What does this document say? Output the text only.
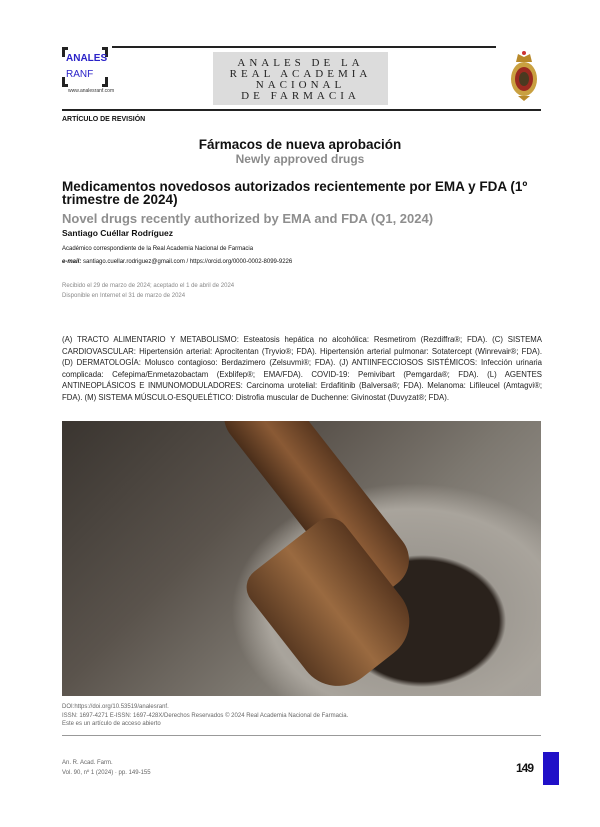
ANALES
RANF
www.analesranf.com
ANALES DE LA
REAL ACADEMIA
NACIONAL
DE FARMACIA
ARTÍCULO DE REVISIÓN
Fármacos de nueva aprobación
Newly approved drugs
Medicamentos novedosos autorizados recientemente por EMA y FDA (1º trimestre de 2024)
Novel drugs recently authorized by EMA and FDA (Q1, 2024)
Santiago Cuéllar Rodríguez
Académico correspondiente de la Real Academia Nacional de Farmacia
e-mail: santiago.cuellar.rodriguez@gmail.com / https://orcid.org/0000-0002-8099-9226
Recibido el 29 de marzo de 2024; aceptado el 1 de abril de 2024
Disponible en Internet el 31 de marzo de 2024
(A) TRACTO ALIMENTARIO Y METABOLISMO: Esteatosis hepática no alcohólica: Resmetirom (Rezdiffra®; FDA). (C) SISTEMA CARDIOVASCULAR: Hipertensión arterial: Aprocitentan (Tryvio®; FDA). Hipertensión arterial pulmonar: Sotatercept (Winrevair®; FDA). (D) DERMATOLOGÍA: Molusco contagioso: Berdazimero (Zelsuvmi®; FDA). (J) ANTIINFECCIOSOS SISTÉMICOS: Infección urinaria complicada: Cefepima/Enmetazobactam (Exblifep®; EMA/FDA). COVID-19: Pemivibart (Pemgarda®; FDA). (L) AGENTES ANTINEOPLÁSICOS E INMUNOMODULADORES: Carcinoma urotelial: Erdafitinib (Balversa®; FDA). Melanoma: Lifileucel (Amtagvi®; FDA). (M) SISTEMA MÚSCULO-ESQUELÉTICO: Distrofia muscular de Duchenne: Givinostat (Duvyzat®; FDA).
DOI:https://doi.org/10.53519/analesranf.
ISSN: 1697-4271 E-ISSN: 1697-428X/Derechos Reservados © 2024 Real Academia Nacional de Farmacia.
Este es un artículo de acceso abierto
An. R. Acad. Farm.
Vol. 90, nº 1 (2024) · pp. 149-155	149
